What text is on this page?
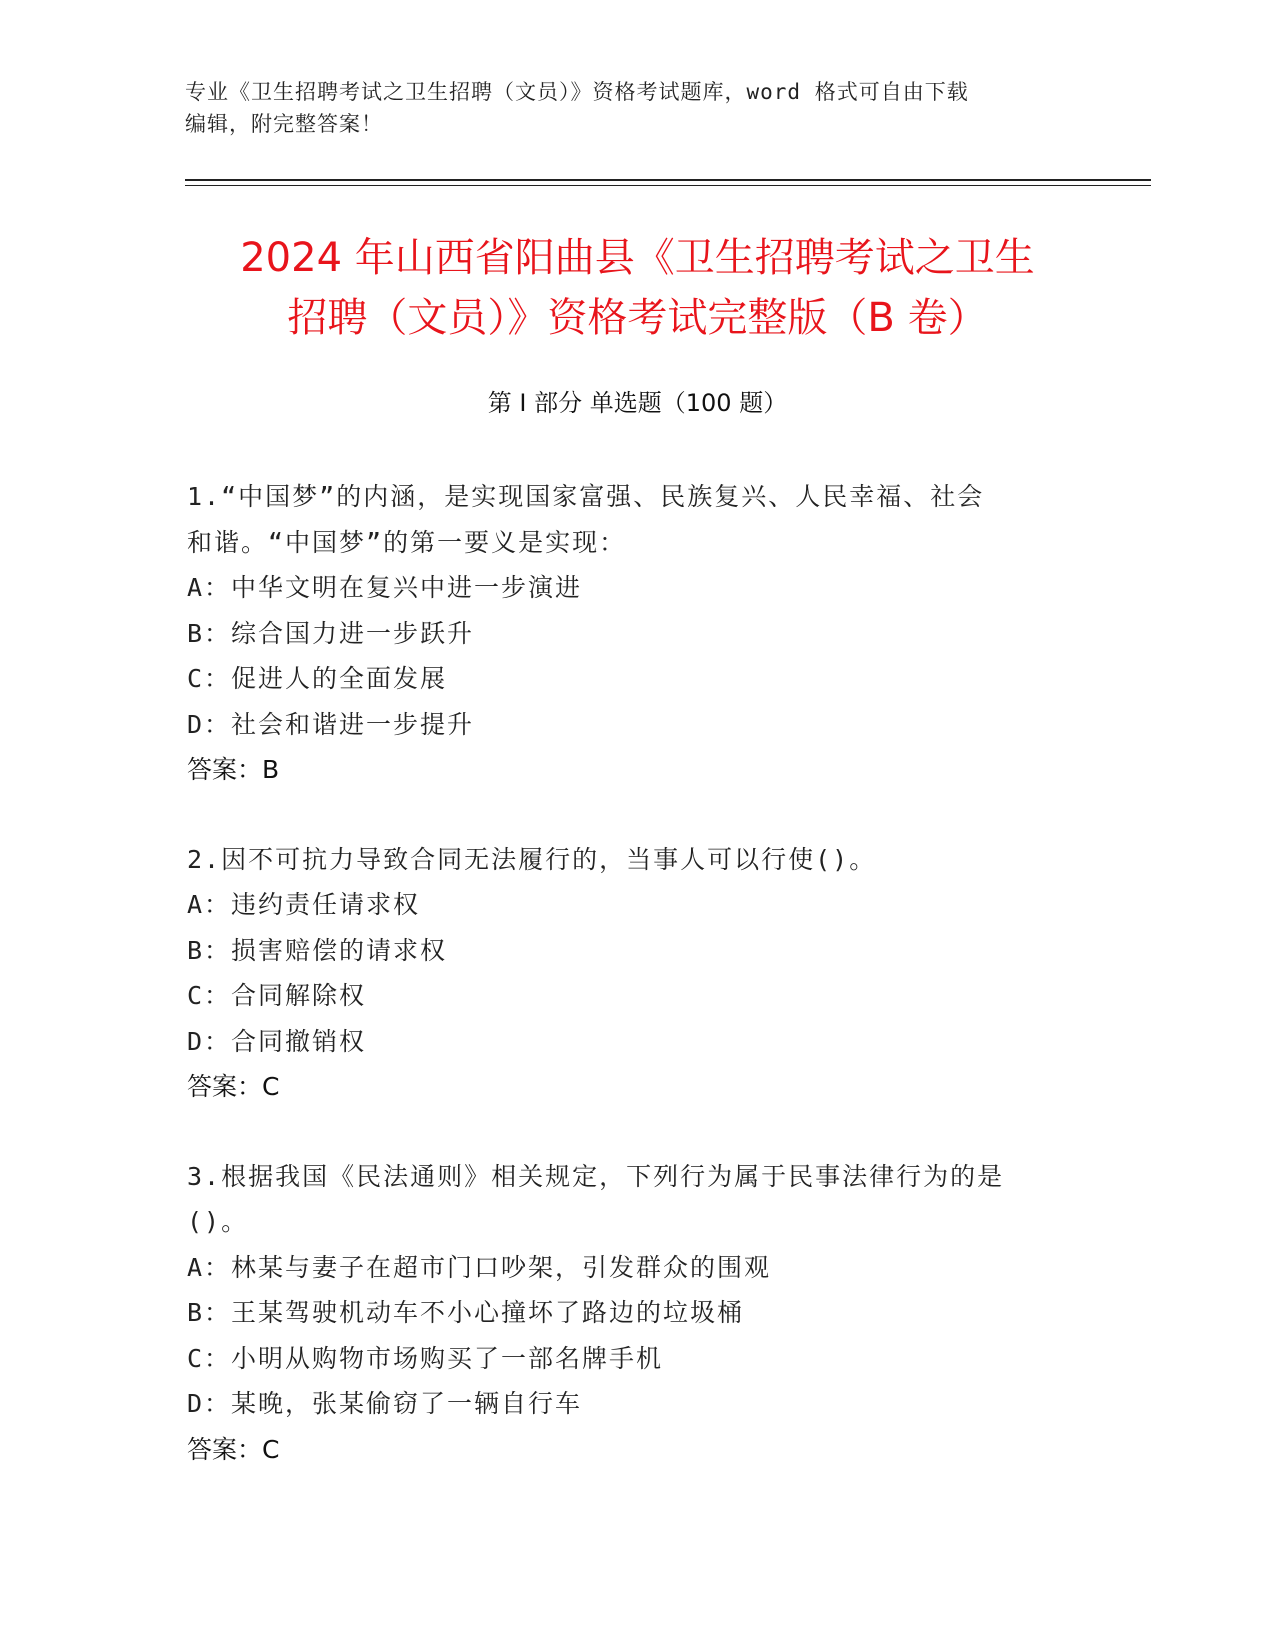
专业《卫生招聘考试之卫生招聘（文员）》资格考试题库，word 格式可自由下载
编辑，附完整答案！
2024 年山西省阳曲县《卫生招聘考试之卫生
招聘（文员）》资格考试完整版（B 卷）
第 I 部分 单选题（100 题）
1.“中国梦”的内涵，是实现国家富强、民族复兴、人民幸福、社会
和谐。“中国梦”的第一要义是实现：
A：中华文明在复兴中进一步演进
B：综合国力进一步跃升
C：促进人的全面发展
D：社会和谐进一步提升
答案：B
2.因不可抗力导致合同无法履行的，当事人可以行使()。
A：违约责任请求权
B：损害赔偿的请求权
C：合同解除权
D：合同撤销权
答案：C
3.根据我国《民法通则》相关规定，下列行为属于民事法律行为的是
()。
A：林某与妻子在超市门口吵架，引发群众的围观
B：王某驾驶机动车不小心撞坏了路边的垃圾桶
C：小明从购物市场购买了一部名牌手机
D：某晚，张某偷窃了一辆自行车
答案：C
